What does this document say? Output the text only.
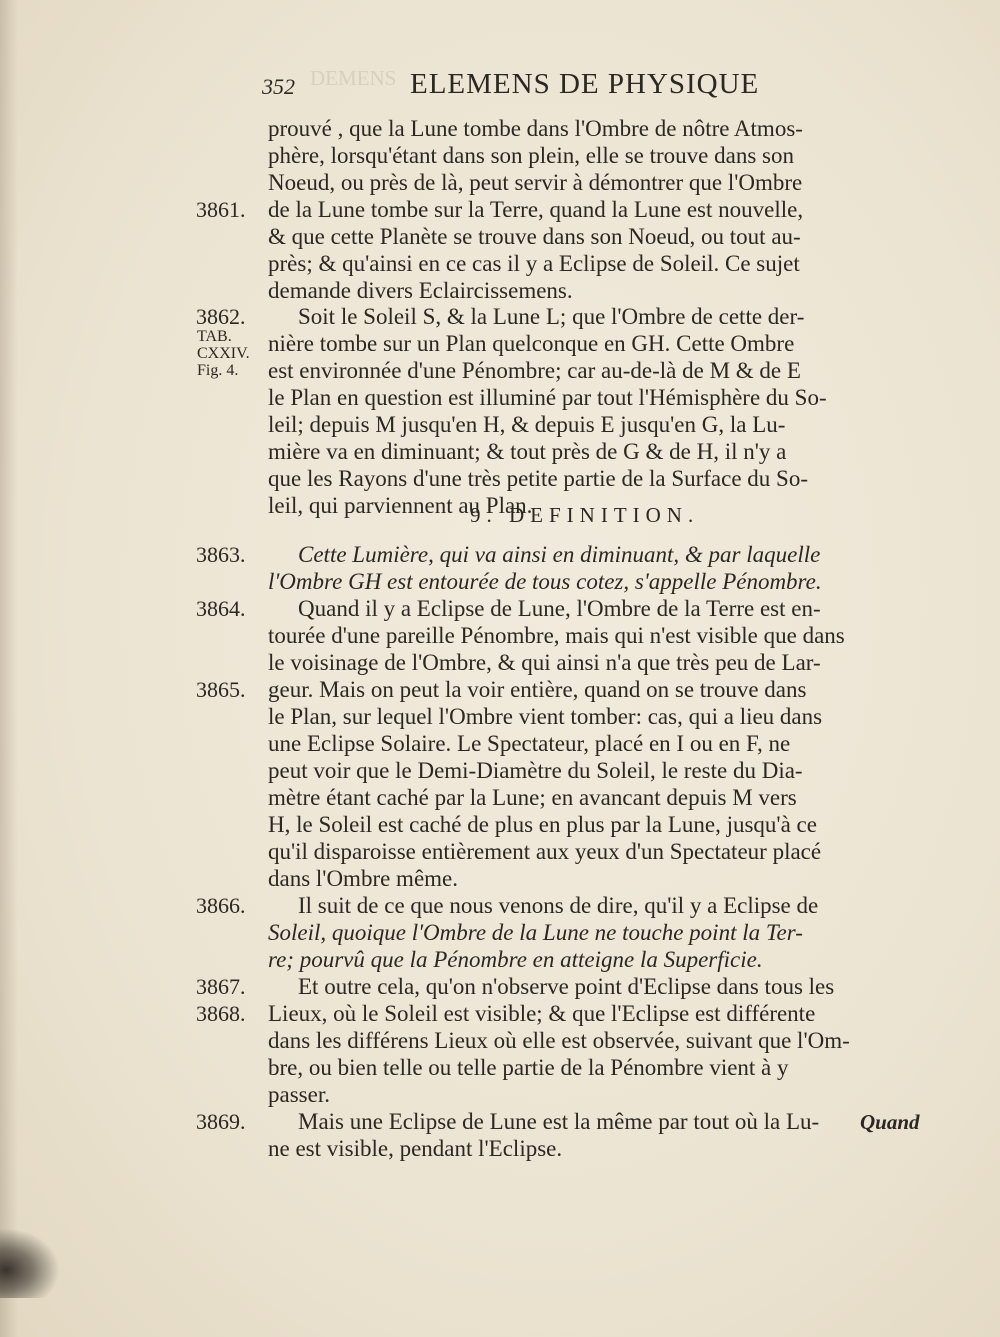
DEMENS
352	ELEMENS DE PHYSIQUE
prouvé , que la Lune tombe dans l'Ombre de nôtre Atmos-
phère, lorsqu'étant dans son plein, elle se trouve dans son
Noeud, ou près de là, peut servir à démontrer que l'Ombre
de la Lune tombe sur la Terre, quand la Lune est nouvelle,
& que cette Planète se trouve dans son Noeud, ou tout au-
près; & qu'ainsi en ce cas il y a Eclipse de Soleil. Ce sujet
demande divers Eclaircissemens.
Soit le Soleil S, & la Lune L; que l'Ombre de cette der-
nière tombe sur un Plan quelconque en GH. Cette Ombre
est environnée d'une Pénombre; car au-de-là de M & de E
le Plan en question est illuminé par tout l'Hémisphère du So-
leil; depuis M jusqu'en H, & depuis E jusqu'en G, la Lu-
mière va en diminuant; & tout près de G & de H, il n'y a
que les Rayons d'une très petite partie de la Surface du So-
leil, qui parviennent au Plan.
9. DEFINITION.
Cette Lumière, qui va ainsi en diminuant, & par laquelle
l'Ombre GH est entourée de tous cotez, s'appelle Pénombre.
Quand il y a Eclipse de Lune, l'Ombre de la Terre est en-
tourée d'une pareille Pénombre, mais qui n'est visible que dans
le voisinage de l'Ombre, & qui ainsi n'a que très peu de Lar-
geur. Mais on peut la voir entière, quand on se trouve dans
le Plan, sur lequel l'Ombre vient tomber: cas, qui a lieu dans
une Eclipse Solaire. Le Spectateur, placé en I ou en F, ne
peut voir que le Demi-Diamètre du Soleil, le reste du Dia-
mètre étant caché par la Lune; en avancant depuis M vers
H, le Soleil est caché de plus en plus par la Lune, jusqu'à ce
qu'il disparoisse entièrement aux yeux d'un Spectateur placé
dans l'Ombre même.
Il suit de ce que nous venons de dire, qu'il y a Eclipse de
Soleil, quoique l'Ombre de la Lune ne touche point la Ter-
re; pourvû que la Pénombre en atteigne la Superficie.
Et outre cela, qu'on n'observe point d'Eclipse dans tous les
Lieux, où le Soleil est visible; & que l'Eclipse est différente
dans les différens Lieux où elle est observée, suivant que l'Om-
bre, ou bien telle ou telle partie de la Pénombre vient à y
passer.
Mais une Eclipse de Lune est la même par tout où la Lu-
ne est visible, pendant l'Eclipse.
3861.
3862.
3863.
3864.
3865.
3866.
3867.
3868.
3869.
TAB.
CXXIV.
Fig. 4.
Quand
